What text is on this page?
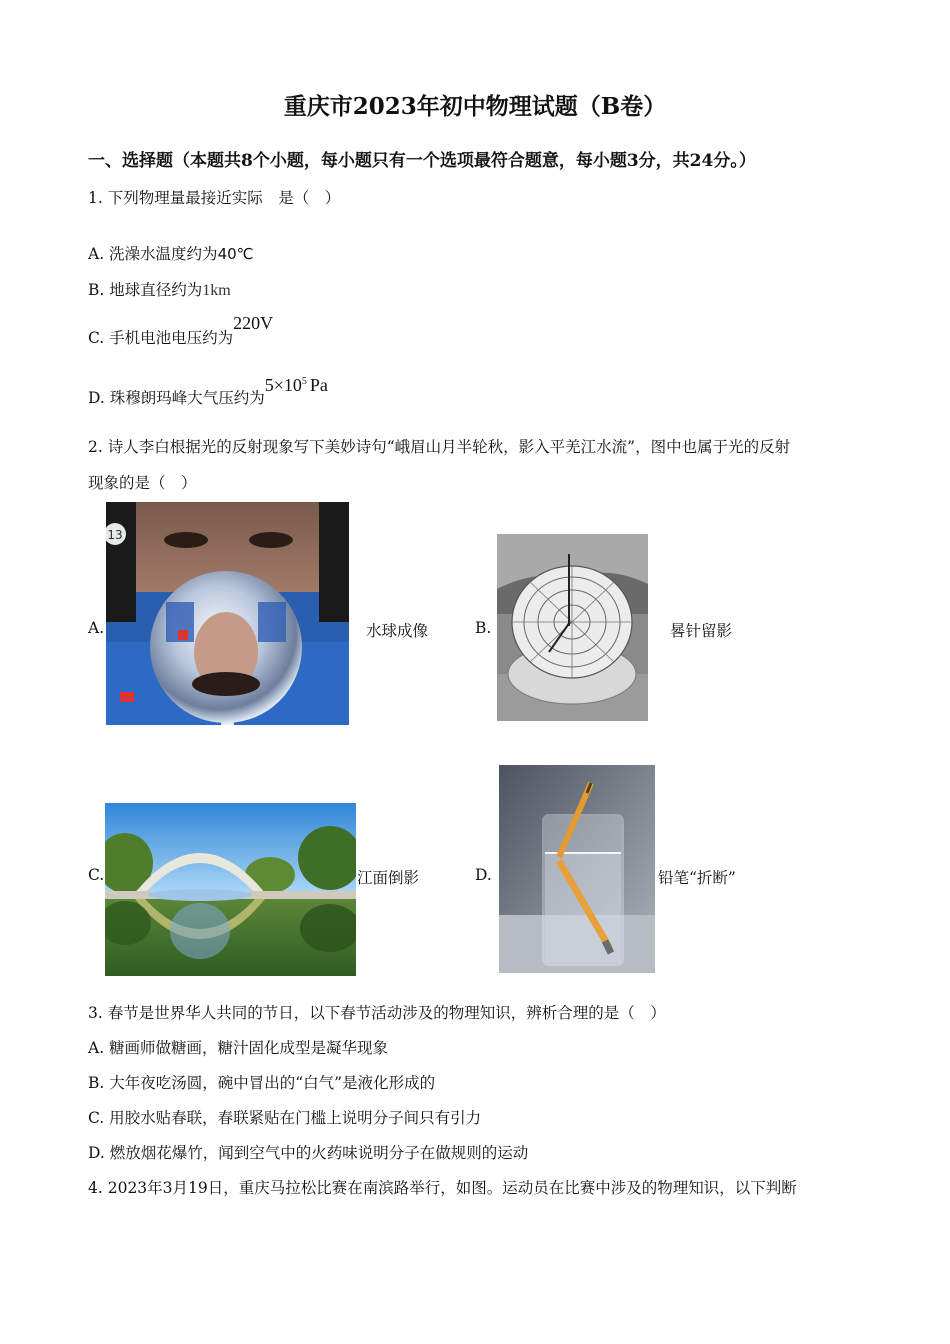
重庆市2023年初中物理试题（B卷）
一、选择题（本题共8个小题，每小题只有一个选项最符合题意，每小题3分，共24分。）
1. 下列物理量最接近实际　是（　）
A. 洗澡水温度约为40℃
B. 地球直径约为1km
C. 手机电池电压约为220V
D. 珠穆朗玛峰大气压约为$5\times 10^5$ Pa
2. 诗人李白根据光的反射现象写下美妙诗句“峨眉山月半轮秋，影入平羌江水流”，图中也属于光的反射
现象的是（　）
A.
13
水球成像	B.	晷针留影
C.	江面倒影	D.	铅笔“折断”
3. 春节是世界华人共同的节日，以下春节活动涉及的物理知识，辨析合理的是（　）
A. 糖画师做糖画，糖汁固化成型是凝华现象
B. 大年夜吃汤圆，碗中冒出的“白气”是液化形成的
C. 用胶水贴春联，春联紧贴在门槛上说明分子间只有引力
D. 燃放烟花爆竹，闻到空气中的火药味说明分子在做规则的运动
4. 2023年3月19日，重庆马拉松比赛在南滨路举行，如图。运动员在比赛中涉及的物理知识，以下判断
